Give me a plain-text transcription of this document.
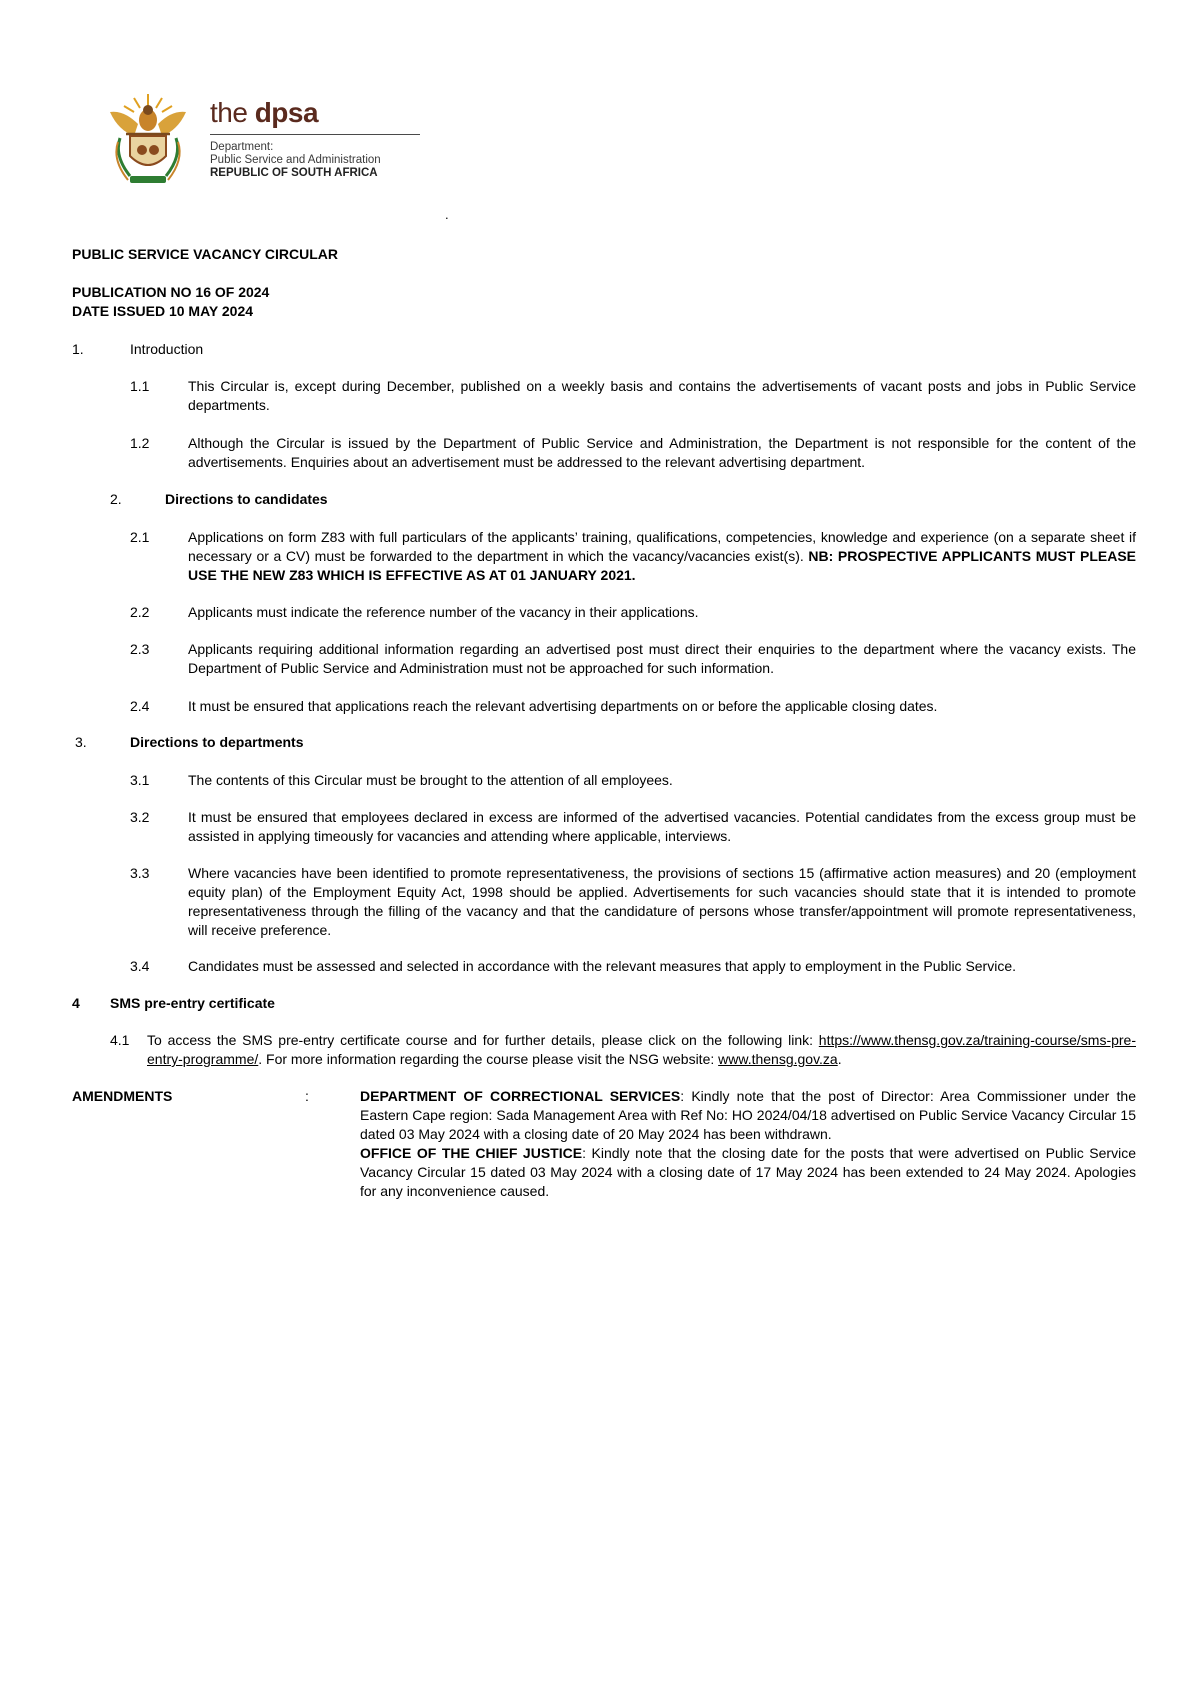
the dpsa
Department:
Public Service and Administration
REPUBLIC OF SOUTH AFRICA
.
PUBLIC SERVICE VACANCY CIRCULAR
PUBLICATION NO 16 OF 2024
DATE ISSUED 10 MAY 2024
1.	Introduction
1.1	This Circular is, except during December, published on a weekly basis and contains the advertisements of vacant posts and jobs in Public Service departments.
1.2	Although the Circular is issued by the Department of Public Service and Administration, the Department is not responsible for the content of the advertisements. Enquiries about an advertisement must be addressed to the relevant advertising department.
2.	Directions to candidates
2.1	Applications on form Z83 with full particulars of the applicants’ training, qualifications, competencies, knowledge and experience (on a separate sheet if necessary or a CV) must be forwarded to the department in which the vacancy/vacancies exist(s). NB: PROSPECTIVE APPLICANTS MUST PLEASE USE THE NEW Z83 WHICH IS EFFECTIVE AS AT 01 JANUARY 2021.
2.2	Applicants must indicate the reference number of the vacancy in their applications.
2.3	Applicants requiring additional information regarding an advertised post must direct their enquiries to the department where the vacancy exists. The Department of Public Service and Administration must not be approached for such information.
2.4	It must be ensured that applications reach the relevant advertising departments on or before the applicable closing dates.
3.	Directions to departments
3.1	The contents of this Circular must be brought to the attention of all employees.
3.2	It must be ensured that employees declared in excess are informed of the advertised vacancies. Potential candidates from the excess group must be assisted in applying timeously for vacancies and attending where applicable, interviews.
3.3	Where vacancies have been identified to promote representativeness, the provisions of sections 15 (affirmative action measures) and 20 (employment equity plan) of the Employment Equity Act, 1998 should be applied. Advertisements for such vacancies should state that it is intended to promote representativeness through the filling of the vacancy and that the candidature of persons whose transfer/appointment will promote representativeness, will receive preference.
3.4	Candidates must be assessed and selected in accordance with the relevant measures that apply to employment in the Public Service.
4 SMS pre-entry certificate
4.1 To access the SMS pre-entry certificate course and for further details, please click on the following link: https://www.thensg.gov.za/training-course/sms-pre-entry-programme/. For more information regarding the course please visit the NSG website: www.thensg.gov.za.
AMENDMENTS	:	DEPARTMENT OF CORRECTIONAL SERVICES: Kindly note that the post of Director: Area Commissioner under the Eastern Cape region: Sada Management Area with Ref No: HO 2024/04/18 advertised on Public Service Vacancy Circular 15 dated 03 May 2024 with a closing date of 20 May 2024 has been withdrawn.
OFFICE OF THE CHIEF JUSTICE: Kindly note that the closing date for the posts that were advertised on Public Service Vacancy Circular 15 dated 03 May 2024 with a closing date of 17 May 2024 has been extended to 24 May 2024. Apologies for any inconvenience caused.
